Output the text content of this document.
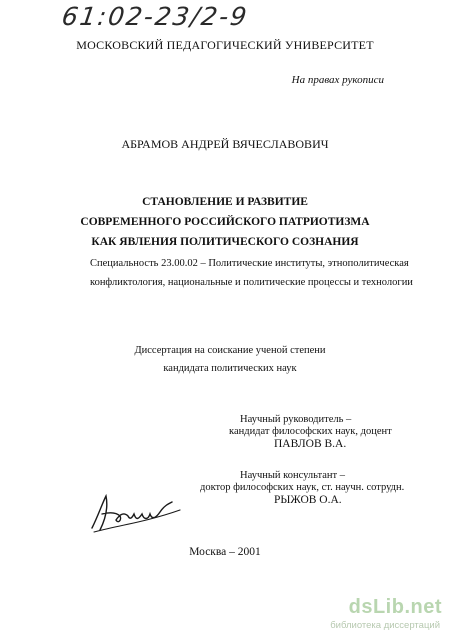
61:02-23/2-9
МОСКОВСКИЙ ПЕДАГОГИЧЕСКИЙ УНИВЕРСИТЕТ
На правах рукописи
АБРАМОВ АНДРЕЙ ВЯЧЕСЛАВОВИЧ
СТАНОВЛЕНИЕ И РАЗВИТИЕ
СОВРЕМЕННОГО РОССИЙСКОГО ПАТРИОТИЗМА
КАК ЯВЛЕНИЯ ПОЛИТИЧЕСКОГО СОЗНАНИЯ
Специальность 23.00.02 – Политические институты, этнополитическая
конфликтология, национальные и политические процессы и технологии
Диссертация на соискание ученой степени
кандидата политических наук
Научный руководитель –
кандидат философских наук, доцент
ПАВЛОВ В.А.
Научный консультант –
доктор философских наук, ст. научн. сотрудн.
РЫЖОВ О.А.
Москва – 2001
dsLib.net
библиотека диссертаций
